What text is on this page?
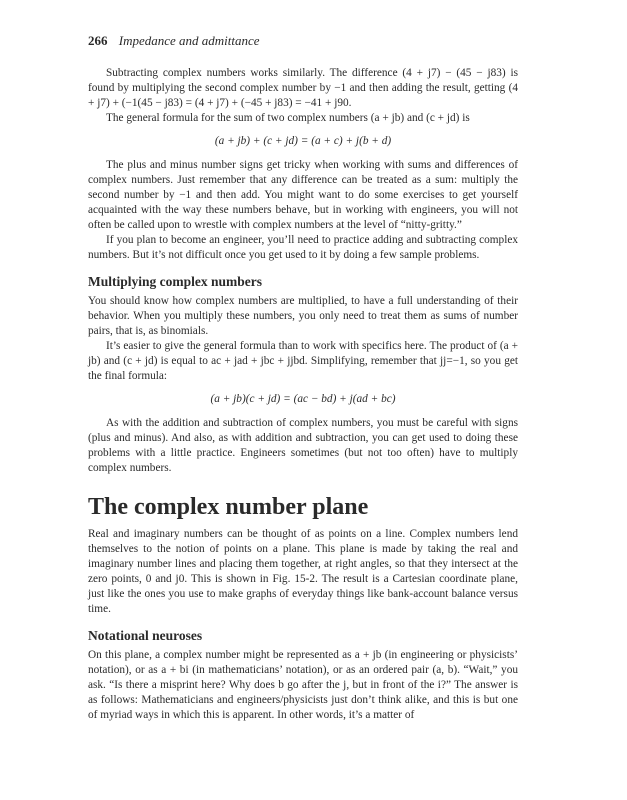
266 Impedance and admittance

Subtracting complex numbers works similarly. The difference (4 + j7) − (45 − j83) is found by multiplying the second complex number by −1 and then adding the result, getting (4 + j7) + (−1(45 − j83) = (4 + j7) + (−45 + j83) = −41 + j90.

The general formula for the sum of two complex numbers (a + jb) and (c + jd) is

(a + jb) + (c + jd) = (a + c) + j(b + d)

The plus and minus number signs get tricky when working with sums and differences of complex numbers. Just remember that any difference can be treated as a sum: multiply the second number by −1 and then add. You might want to do some exercises to get yourself acquainted with the way these numbers behave, but in working with engineers, you will not often be called upon to wrestle with complex numbers at the level of “nitty-gritty.”

If you plan to become an engineer, you’ll need to practice adding and subtracting complex numbers. But it’s not difficult once you get used to it by doing a few sample problems.

Multiplying complex numbers

You should know how complex numbers are multiplied, to have a full understanding of their behavior. When you multiply these numbers, you only need to treat them as sums of number pairs, that is, as binomials.

It’s easier to give the general formula than to work with specifics here. The product of (a + jb) and (c + jd) is equal to ac + jad + jbc + jjbd. Simplifying, remember that jj=−1, so you get the final formula:

(a + jb)(c + jd) = (ac − bd) + j(ad + bc)

As with the addition and subtraction of complex numbers, you must be careful with signs (plus and minus). And also, as with addition and subtraction, you can get used to doing these problems with a little practice. Engineers sometimes (but not too often) have to multiply complex numbers.

The complex number plane

Real and imaginary numbers can be thought of as points on a line. Complex numbers lend themselves to the notion of points on a plane. This plane is made by taking the real and imaginary number lines and placing them together, at right angles, so that they intersect at the zero points, 0 and j0. This is shown in Fig. 15-2. The result is a Cartesian coordinate plane, just like the ones you use to make graphs of everyday things like bank-account balance versus time.

Notational neuroses

On this plane, a complex number might be represented as a + jb (in engineering or physicists’ notation), or as a + bi (in mathematicians’ notation), or as an ordered pair (a, b). “Wait,” you ask. “Is there a misprint here? Why does b go after the j, but in front of the i?” The answer is as follows: Mathematicians and engineers/physicists just don’t think alike, and this is but one of myriad ways in which this is apparent. In other words, it’s a matter of
